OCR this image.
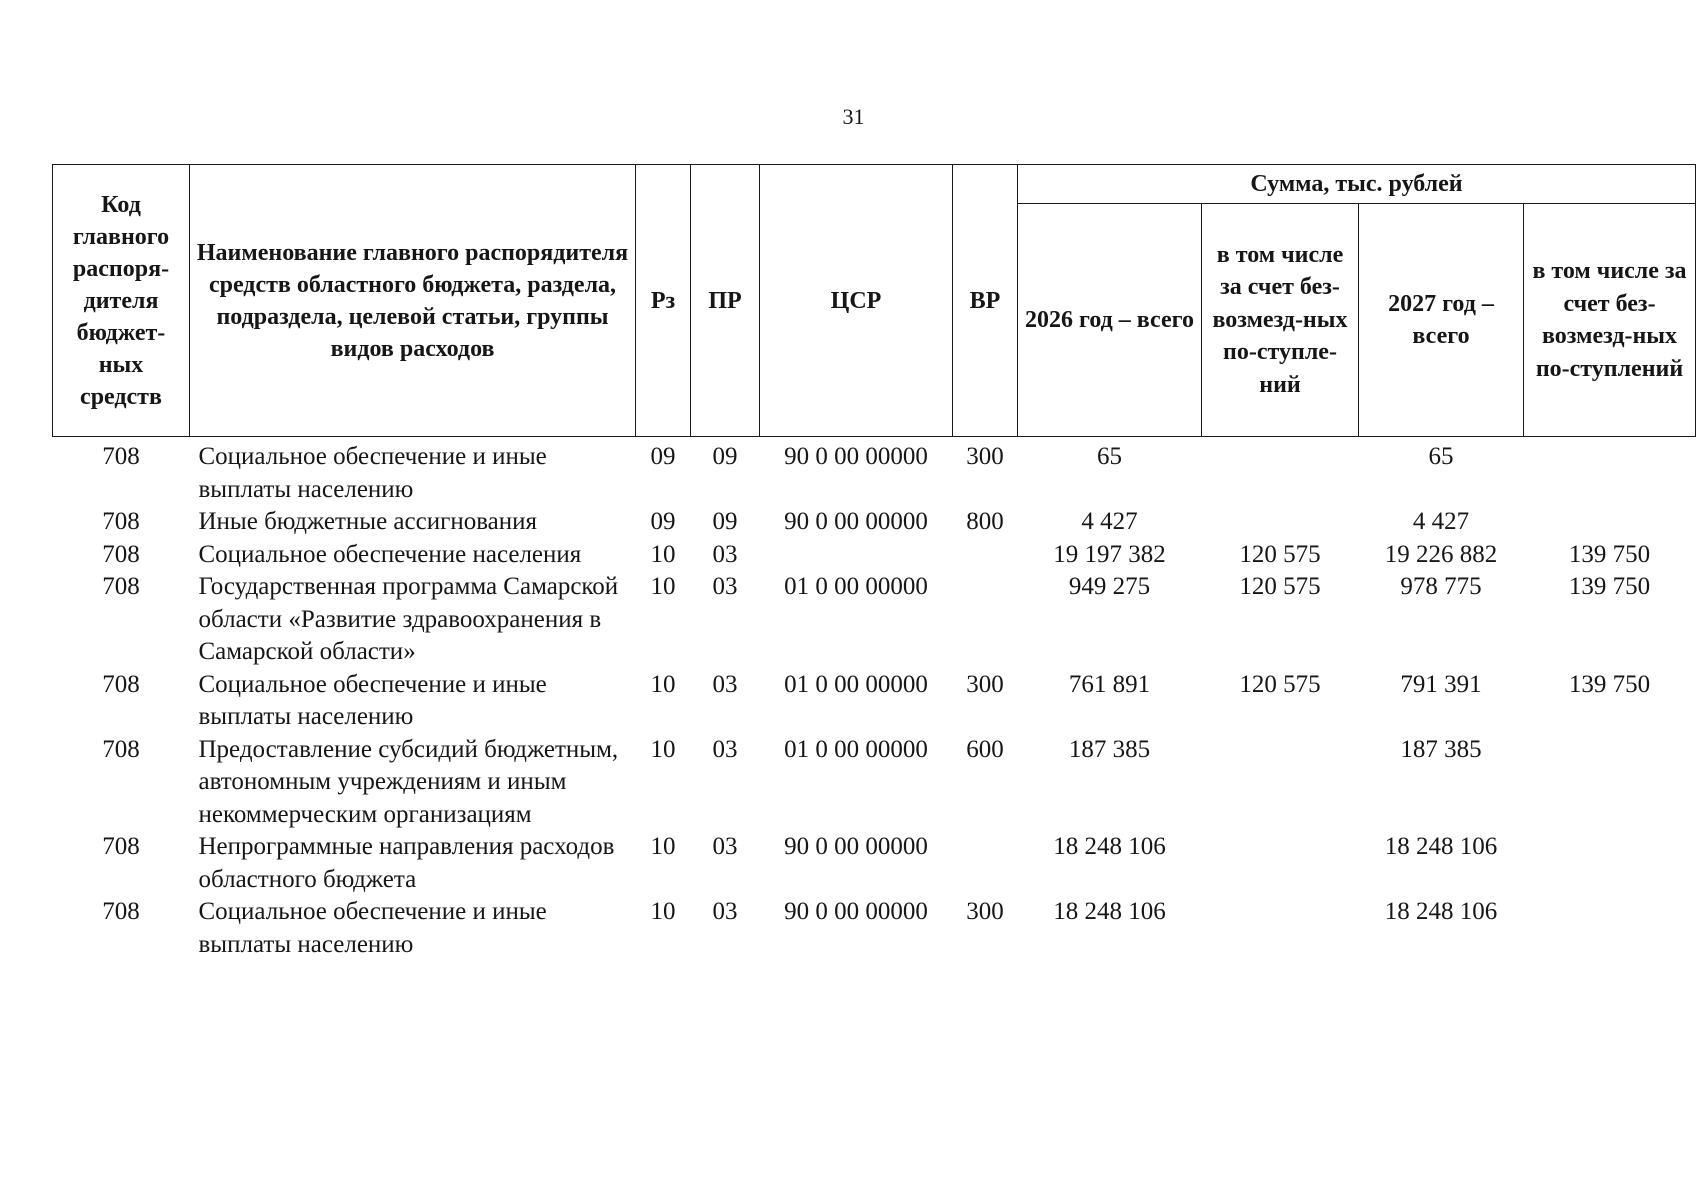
31
Код главного распоря-дителя бюджет-ных средств	Наименование главного распорядителя средств областного бюджета, раздела, подраздела, целевой статьи, группы видов расходов	Рз	ПР	ЦСР	ВР	Сумма, тыс. рублей			
						2026 год – всего	в том числе за счет без-возмезд-ных по-ступле-ний	2027 год – всего	в том числе за счет без-возмезд-ных по-ступлений
708	Социальное обеспечение и иные выплаты населению	09	09	90 0 00 00000	300	65		65	
708	Иные бюджетные ассигнования	09	09	90 0 00 00000	800	4 427		4 427	
708	Социальное обеспечение населения	10	03			19 197 382	120 575	19 226 882	139 750
708	Государственная программа Самарской области «Развитие здравоохранения в Самарской области»	10	03	01 0 00 00000		949 275	120 575	978 775	139 750
708	Социальное обеспечение и иные выплаты населению	10	03	01 0 00 00000	300	761 891	120 575	791 391	139 750
708	Предоставление субсидий бюджетным, автономным учреждениям и иным некоммерческим организациям	10	03	01 0 00 00000	600	187 385		187 385	
708	Непрограммные направления расходов областного бюджета	10	03	90 0 00 00000		18 248 106		18 248 106	
708	Социальное обеспечение и иные выплаты населению	10	03	90 0 00 00000	300	18 248 106		18 248 106	
